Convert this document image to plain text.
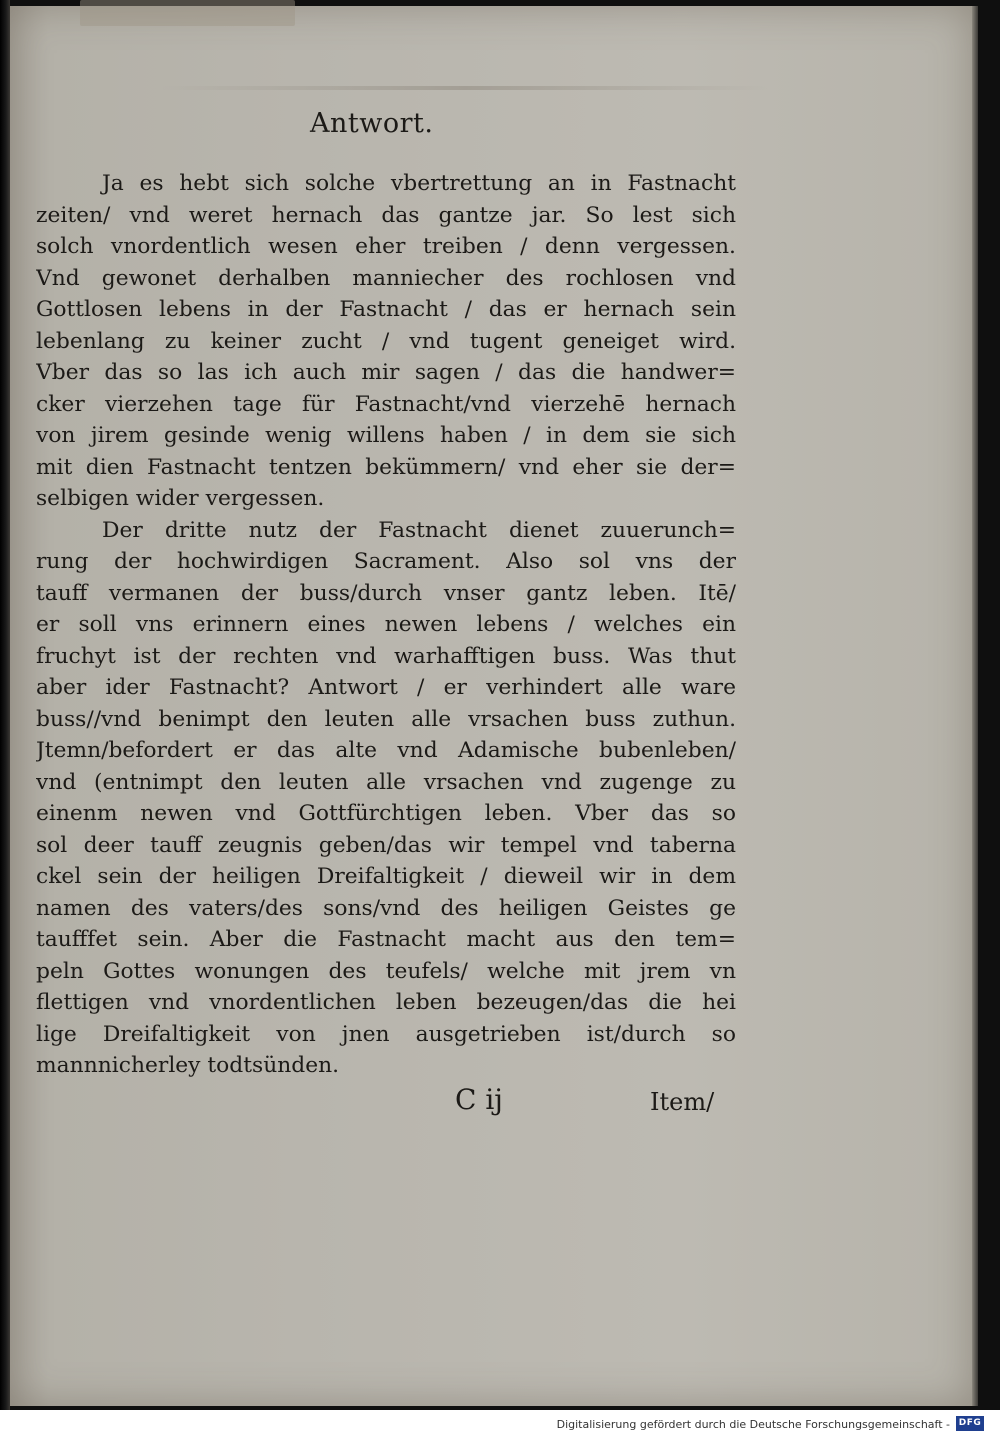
Antwort.
Ja es hebt sich solche vbertrettung an in Fastnacht
zeiten/ vnd weret hernach das gantze jar. So lest sich
solch vnordentlich wesen eher treiben / denn vergessen.
Vnd gewonet derhalben manniecher des rochlosen vnd
Gottlosen lebens in der Fastnacht / das er hernach sein
lebenlang zu keiner zucht / vnd tugent geneiget wird.
Vber das so las ich auch mir sagen / das die handwer=
cker vierzehen tage für Fastnacht/vnd vierzehē hernach
von jirem gesinde wenig willens haben / in dem sie sich
mit dien Fastnacht tentzen bekümmern/ vnd eher sie der=
selbigen wider vergessen.
Der dritte nutz der Fastnacht dienet zuuerunch=
rung der hochwirdigen Sacrament. Also sol vns der
tauff vermanen der buss/durch vnser gantz leben. Itē/
er soll vns erinnern eines newen lebens / welches ein
fruchyt ist der rechten vnd warhafftigen buss. Was thut
aber ider Fastnacht? Antwort / er verhindert alle ware
buss//vnd benimpt den leuten alle vrsachen buss zuthun.
Jtemn/befordert er das alte vnd Adamische bubenleben/
vnd (entnimpt den leuten alle vrsachen vnd zugenge zu
einenm newen vnd Gottfürchtigen leben. Vber das so
sol deer tauff zeugnis geben/das wir tempel vnd taberna
ckel sein der heiligen Dreifaltigkeit / dieweil wir in dem
namen des vaters/des sons/vnd des heiligen Geistes ge
taufffet sein. Aber die Fastnacht macht aus den tem=
peln Gottes wonungen des teufels/ welche mit jrem vn
flettigen vnd vnordentlichen leben bezeugen/das die hei
lige Dreifaltigkeit von jnen ausgetrieben ist/durch so
mannnicherley todtsünden.
C ij	Item/
Digitalisierung gefördert durch die Deutsche Forschungsgemeinschaft - DFG
